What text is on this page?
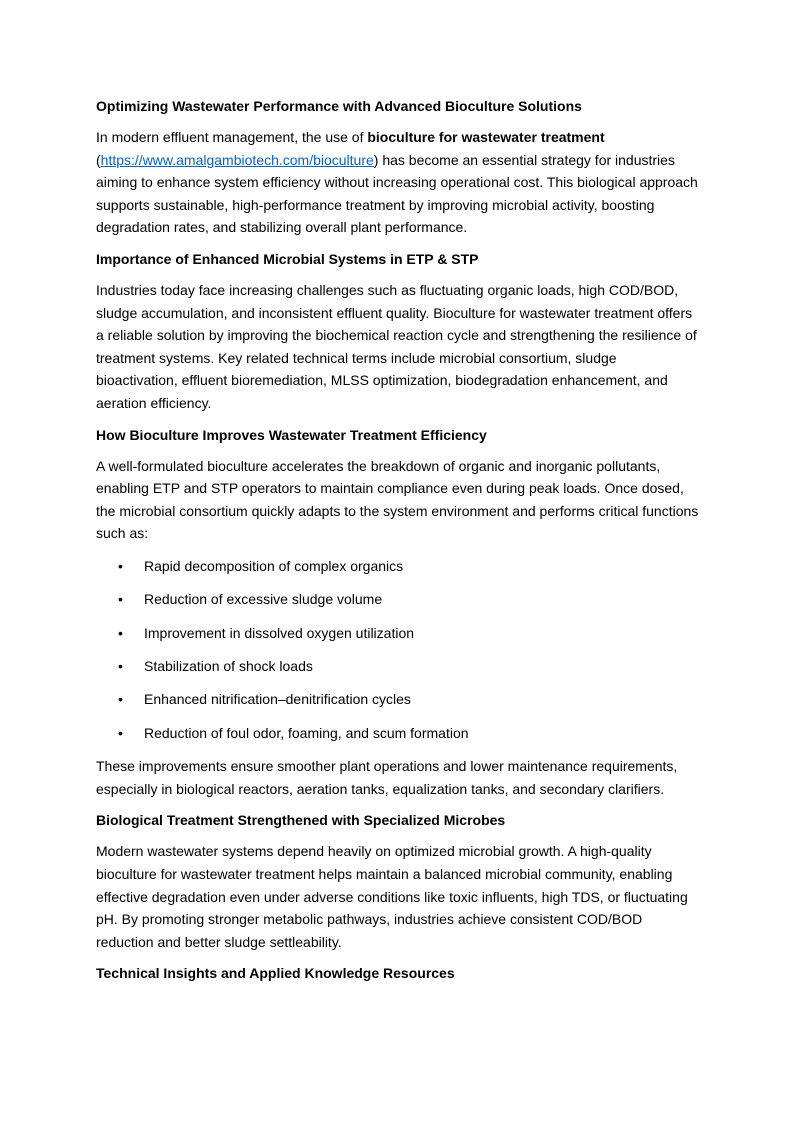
Optimizing Wastewater Performance with Advanced Bioculture Solutions

In modern effluent management, the use of bioculture for wastewater treatment (https://www.amalgambiotech.com/bioculture) has become an essential strategy for industries aiming to enhance system efficiency without increasing operational cost. This biological approach supports sustainable, high-performance treatment by improving microbial activity, boosting degradation rates, and stabilizing overall plant performance.

Importance of Enhanced Microbial Systems in ETP & STP

Industries today face increasing challenges such as fluctuating organic loads, high COD/BOD, sludge accumulation, and inconsistent effluent quality. Bioculture for wastewater treatment offers a reliable solution by improving the biochemical reaction cycle and strengthening the resilience of treatment systems. Key related technical terms include microbial consortium, sludge bioactivation, effluent bioremediation, MLSS optimization, biodegradation enhancement, and aeration efficiency.

How Bioculture Improves Wastewater Treatment Efficiency

A well-formulated bioculture accelerates the breakdown of organic and inorganic pollutants, enabling ETP and STP operators to maintain compliance even during peak loads. Once dosed, the microbial consortium quickly adapts to the system environment and performs critical functions such as:

• Rapid decomposition of complex organics
• Reduction of excessive sludge volume
• Improvement in dissolved oxygen utilization
• Stabilization of shock loads
• Enhanced nitrification–denitrification cycles
• Reduction of foul odor, foaming, and scum formation

These improvements ensure smoother plant operations and lower maintenance requirements, especially in biological reactors, aeration tanks, equalization tanks, and secondary clarifiers.

Biological Treatment Strengthened with Specialized Microbes

Modern wastewater systems depend heavily on optimized microbial growth. A high-quality bioculture for wastewater treatment helps maintain a balanced microbial community, enabling effective degradation even under adverse conditions like toxic influents, high TDS, or fluctuating pH. By promoting stronger metabolic pathways, industries achieve consistent COD/BOD reduction and better sludge settleability.

Technical Insights and Applied Knowledge Resources
